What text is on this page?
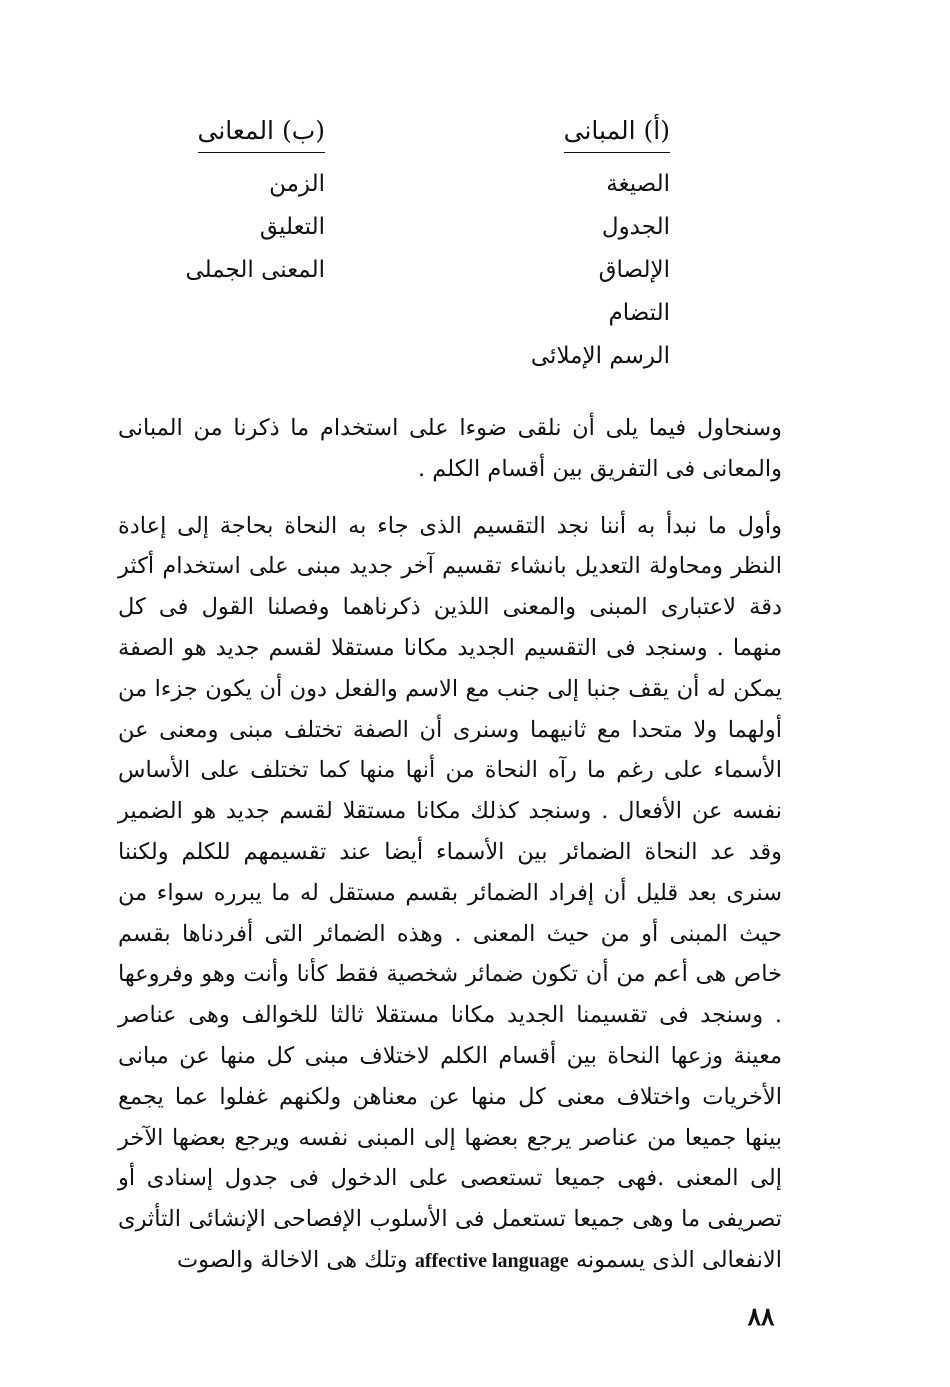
(أ) المبانى
الصيغة
الجدول
الإلصاق
التضام
الرسم الإملائى
(ب) المعانى
الزمن
التعليق
المعنى الجملى

وسنحاول فيما يلى أن نلقى ضوءا على استخدام ما ذكرنا من المبانى والمعانى فى التفريق بين أقسام الكلم .

وأول ما نبدأ به أننا نجد التقسيم الذى جاء به النحاة بحاجة إلى إعادة النظر ومحاولة التعديل بانشاء تقسيم آخر جديد مبنى على استخدام أكثر دقة لاعتبارى المبنى والمعنى اللذين ذكرناهما وفصلنا القول فى كل منهما . وسنجد فى التقسيم الجديد مكانا مستقلا لقسم جديد هو الصفة يمكن له أن يقف جنبا إلى جنب مع الاسم والفعل دون أن يكون جزءا من أولهما ولا متحدا مع ثانيهما وسنرى أن الصفة تختلف مبنى ومعنى عن الأسماء على رغم ما رآه النحاة من أنها منها كما تختلف على الأساس نفسه عن الأفعال . وسنجد كذلك مكانا مستقلا لقسم جديد هو الضمير وقد عد النحاة الضمائر بين الأسماء أيضا عند تقسيمهم للكلم ولكننا سنرى بعد قليل أن إفراد الضمائر بقسم مستقل له ما يبرره سواء من حيث المبنى أو من حيث المعنى . وهذه الضمائر التى أفردناها بقسم خاص هى أعم من أن تكون ضمائر شخصية فقط كأنا وأنت وهو وفروعها . وسنجد فى تقسيمنا الجديد مكانا مستقلا ثالثا للخوالف وهى عناصر معينة وزعها النحاة بين أقسام الكلم لاختلاف مبنى كل منها عن مبانى الأخريات واختلاف معنى كل منها عن معناهن ولكنهم غفلوا عما يجمع بينها جميعا من عناصر يرجع بعضها إلى المبنى نفسه ويرجع بعضها الآخر إلى المعنى .فهى جميعا تستعصى على الدخول فى جدول إسنادى أو تصريفى ما وهى جميعا تستعمل فى الأسلوب الإفصاحى الإنشائى التأثرى الانفعالى الذى يسمونه affective language وتلك هى الاخالة والصوت

٨٨
